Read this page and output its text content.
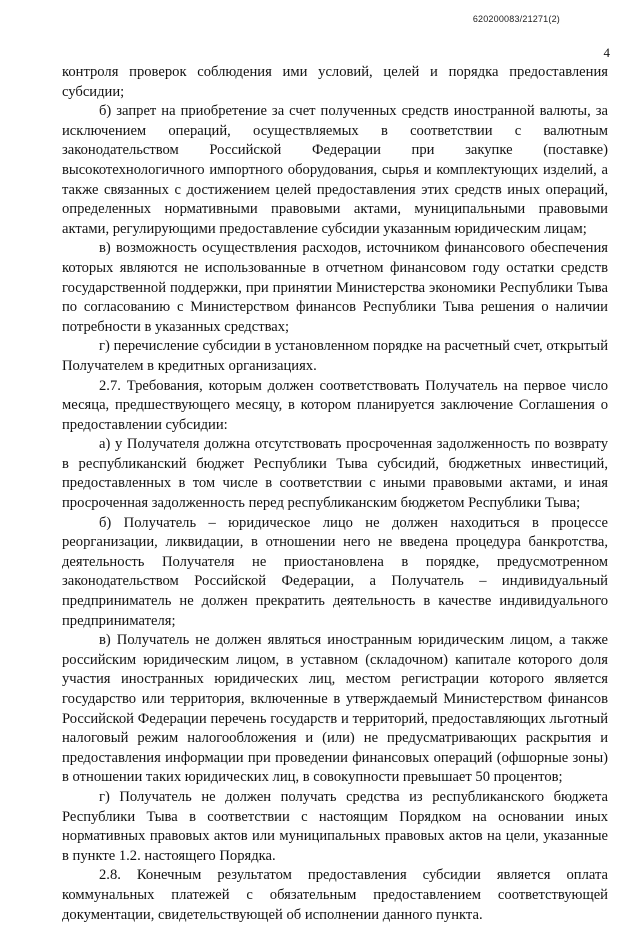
620200083/21271(2)
4

контроля проверок соблюдения ими условий, целей и порядка предоставления субсидии;

б) запрет на приобретение за счет полученных средств иностранной валюты, за исключением операций, осуществляемых в соответствии с валютным законодательством Российской Федерации при закупке (поставке) высокотехнологичного импортного оборудования, сырья и комплектующих изделий, а также связанных с достижением целей предоставления этих средств иных операций, определенных нормативными правовыми актами, муниципальными правовыми актами, регулирующими предоставление субсидии указанным юридическим лицам;

в) возможность осуществления расходов, источником финансового обеспечения которых являются не использованные в отчетном финансовом году остатки средств государственной поддержки, при принятии Министерства экономики Республики Тыва по согласованию с Министерством финансов Республики Тыва решения о наличии потребности в указанных средствах;

г) перечисление субсидии в установленном порядке на расчетный счет, открытый Получателем в кредитных организациях.

2.7. Требования, которым должен соответствовать Получатель на первое число месяца, предшествующего месяцу, в котором планируется заключение Соглашения о предоставлении субсидии:

а) у Получателя должна отсутствовать просроченная задолженность по возврату в республиканский бюджет Республики Тыва субсидий, бюджетных инвестиций, предоставленных в том числе в соответствии с иными правовыми актами, и иная просроченная задолженность перед республиканским бюджетом Республики Тыва;

б) Получатель – юридическое лицо не должен находиться в процессе реорганизации, ликвидации, в отношении него не введена процедура банкротства, деятельность Получателя не приостановлена в порядке, предусмотренном законодательством Российской Федерации, а Получатель – индивидуальный предприниматель не должен прекратить деятельность в качестве индивидуального предпринимателя;

в) Получатель не должен являться иностранным юридическим лицом, а также российским юридическим лицом, в уставном (складочном) капитале которого доля участия иностранных юридических лиц, местом регистрации которого является государство или территория, включенные в утверждаемый Министерством финансов Российской Федерации перечень государств и территорий, предоставляющих льготный налоговый режим налогообложения и (или) не предусматривающих раскрытия и предоставления информации при проведении финансовых операций (офшорные зоны) в отношении таких юридических лиц, в совокупности превышает 50 процентов;

г) Получатель не должен получать средства из республиканского бюджета Республики Тыва в соответствии с настоящим Порядком на основании иных нормативных правовых актов или муниципальных правовых актов на цели, указанные в пункте 1.2. настоящего Порядка.

2.8. Конечным результатом предоставления субсидии является оплата коммунальных платежей с обязательным предоставлением соответствующей документации, свидетельствующей об исполнении данного пункта.
